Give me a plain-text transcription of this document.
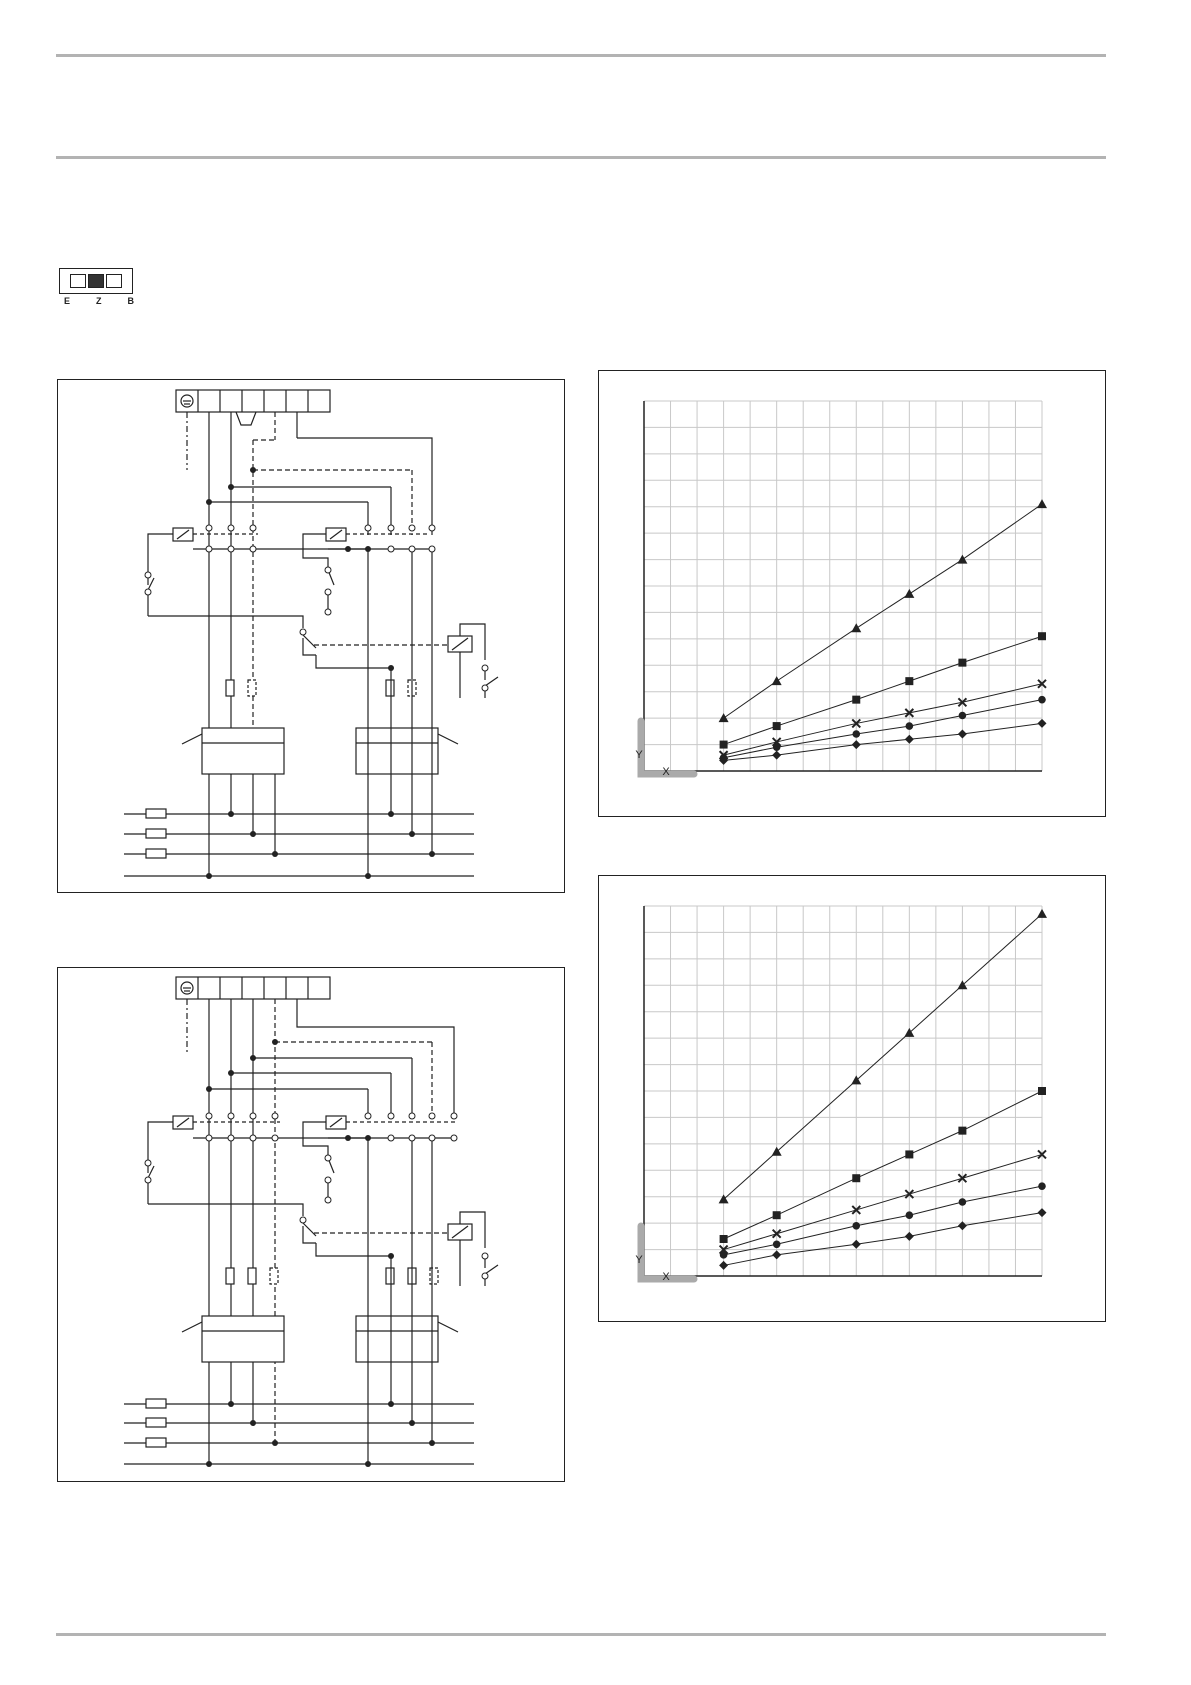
E	Z	B
Y
X
Y
X
